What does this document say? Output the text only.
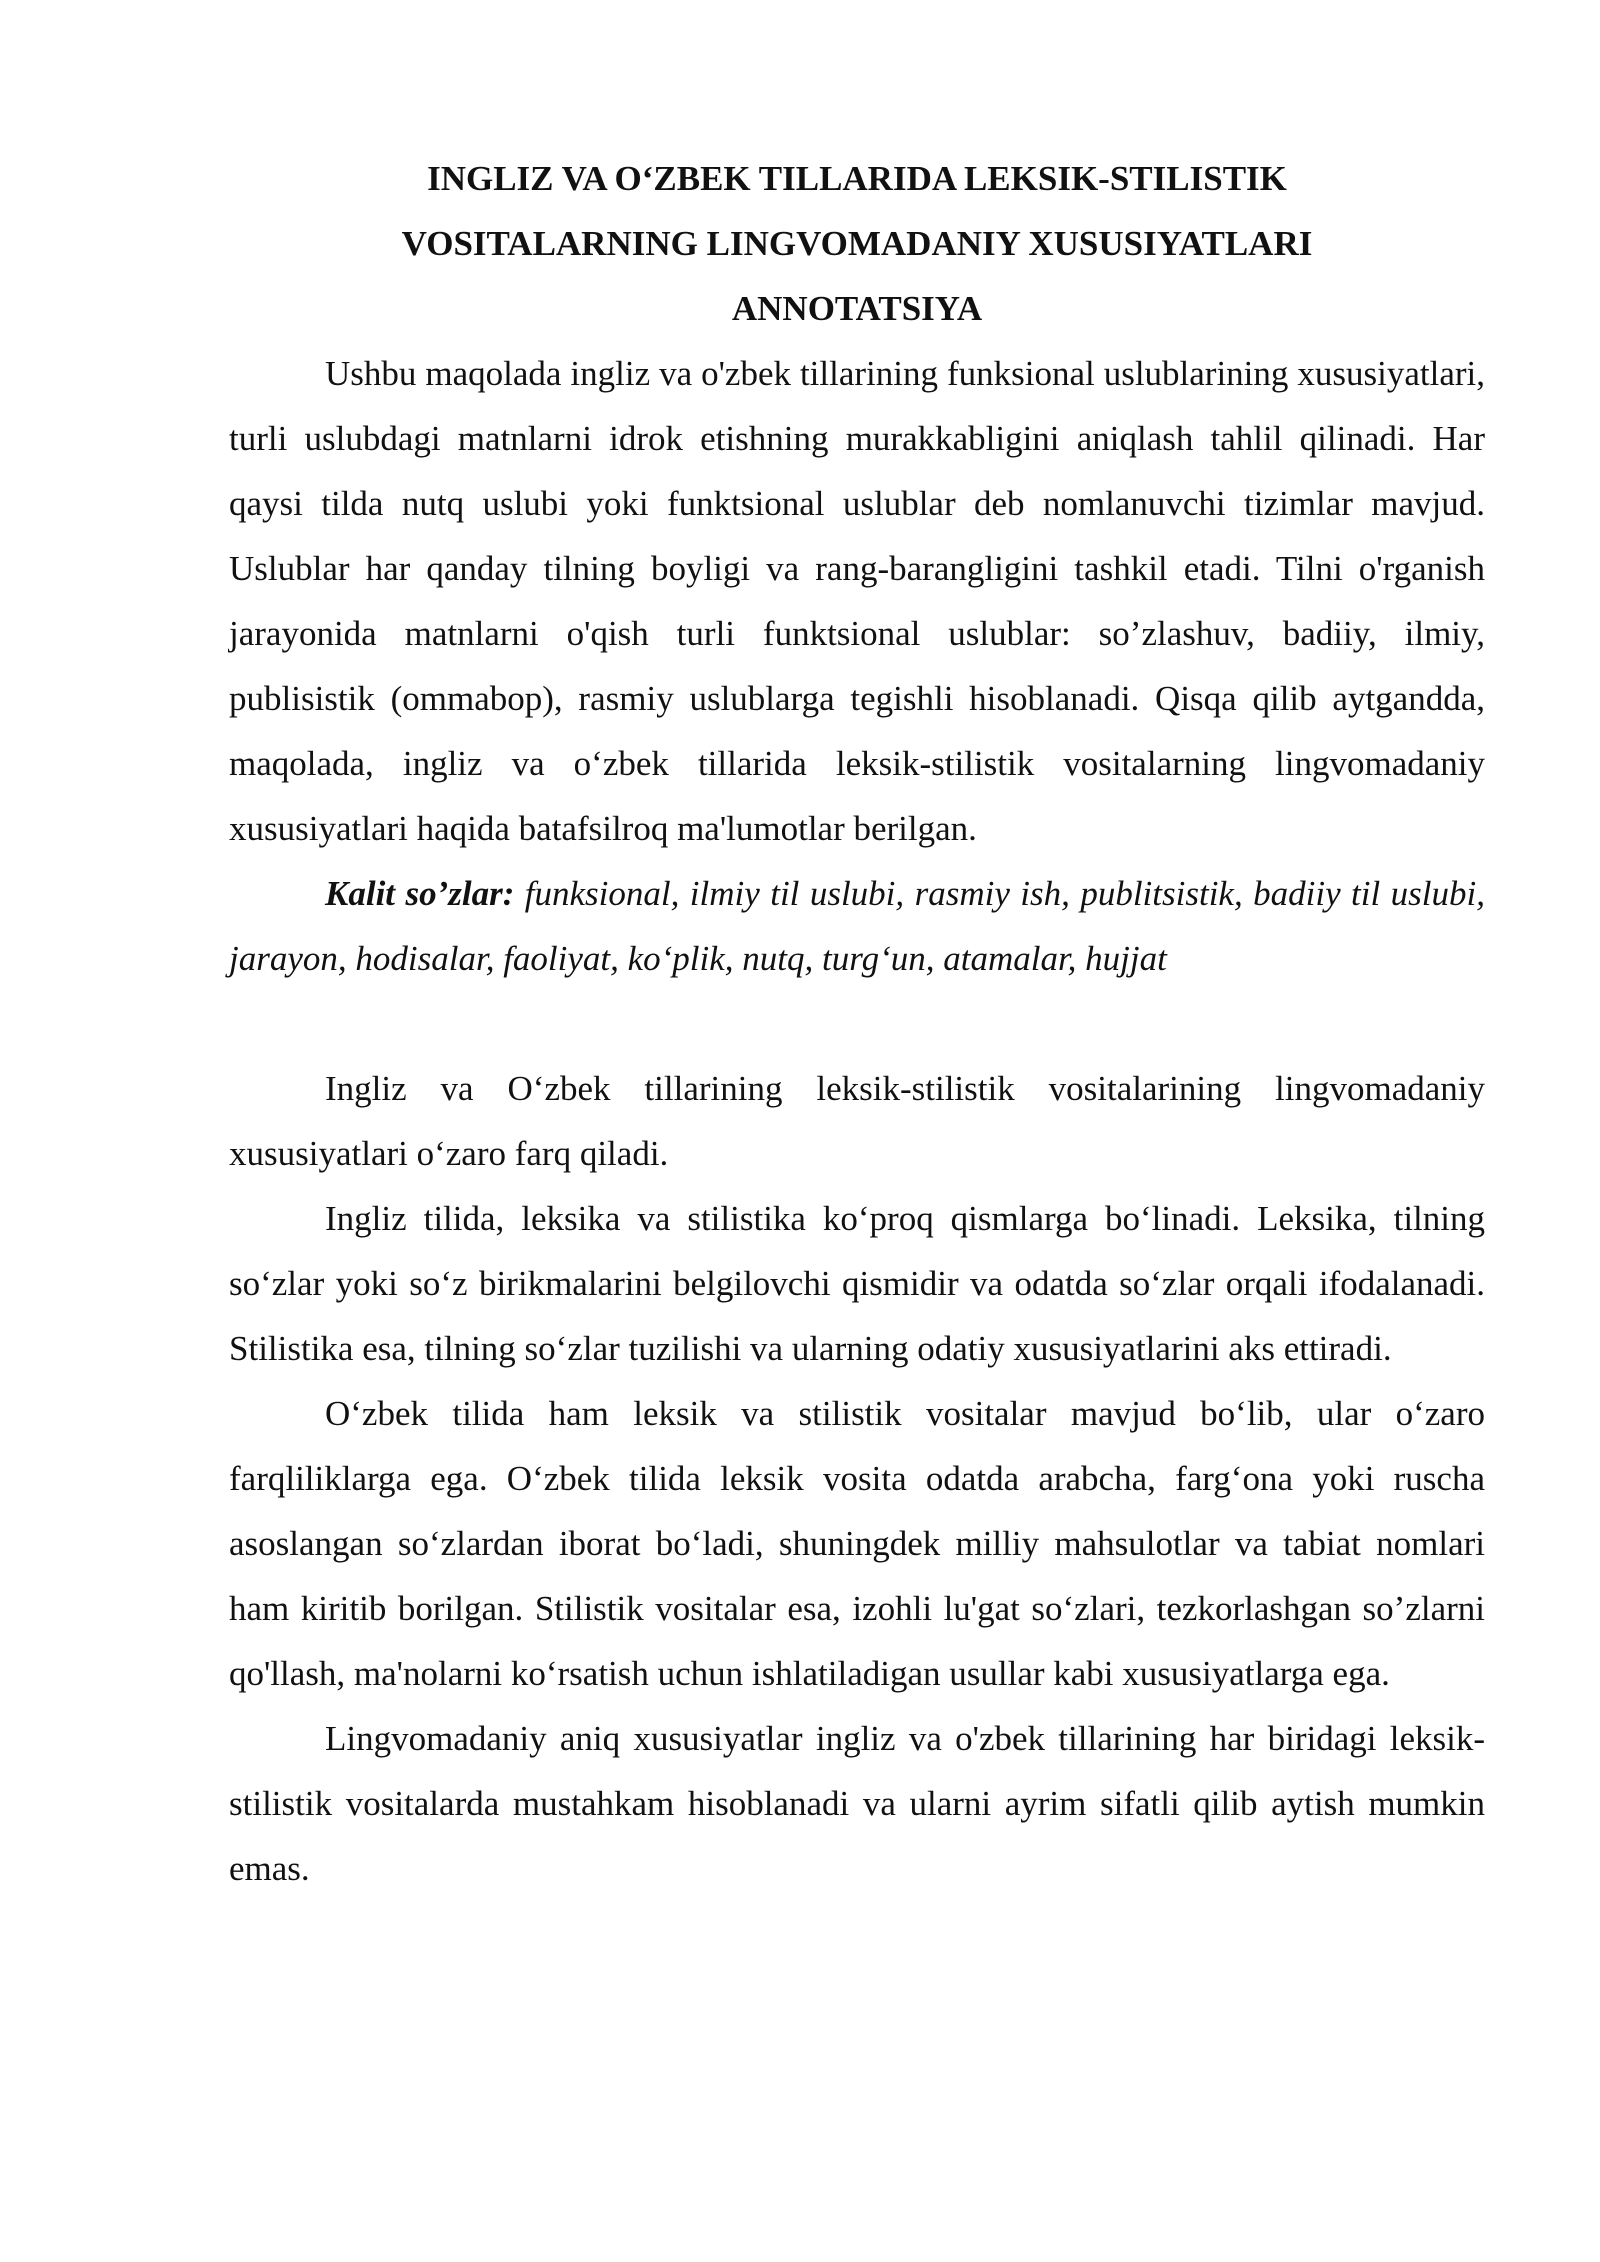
INGLIZ VA O‘ZBEK TILLARIDA LEKSIK-STILISTIK

VOSITALARNING LINGVOMADANIY XUSUSIYATLARI

ANNOTATSIYA

Ushbu maqolada ingliz va o'zbek tillarining funksional uslublarining xususiyatlari, turli uslubdagi matnlarni idrok etishning murakkabligini aniqlash tahlil qilinadi. Har qaysi tilda nutq uslubi yoki funktsional uslublar deb nomlanuvchi tizimlar mavjud. Uslublar har qanday tilning boyligi va rang-barangligini tashkil etadi. Tilni o'rganish jarayonida matnlarni o'qish turli funktsional uslublar: so’zlashuv, badiiy, ilmiy, publisistik (ommabop), rasmiy uslublarga tegishli hisoblanadi. Qisqa qilib aytgandda, maqolada, ingliz va o‘zbek tillarida leksik-stilistik vositalarning lingvomadaniy xususiyatlari haqida batafsilroq ma'lumotlar berilgan.

Kalit so’zlar: funksional, ilmiy til uslubi, rasmiy ish, publitsistik, badiiy til uslubi, jarayon, hodisalar, faoliyat, ko‘plik, nutq, turg‘un, atamalar, hujjat

Ingliz va O‘zbek tillarining leksik-stilistik vositalarining lingvomadaniy xususiyatlari o‘zaro farq qiladi.

Ingliz tilida, leksika va stilistika ko‘proq qismlarga bo‘linadi. Leksika, tilning so‘zlar yoki so‘z birikmalarini belgilovchi qismidir va odatda so‘zlar orqali ifodalanadi. Stilistika esa, tilning so‘zlar tuzilishi va ularning odatiy xususiyatlarini aks ettiradi.

O‘zbek tilida ham leksik va stilistik vositalar mavjud bo‘lib, ular o‘zaro farqliliklarga ega. O‘zbek tilida leksik vosita odatda arabcha, farg‘ona yoki ruscha asoslangan so‘zlardan iborat bo‘ladi, shuningdek milliy mahsulotlar va tabiat nomlari ham kiritib borilgan. Stilistik vositalar esa, izohli lu'gat so‘zlari, tezkorlashgan so’zlarni qo'llash, ma'nolarni ko‘rsatish uchun ishlatiladigan usullar kabi xususiyatlarga ega.

Lingvomadaniy aniq xususiyatlar ingliz va o'zbek tillarining har biridagi leksik-stilistik vositalarda mustahkam hisoblanadi va ularni ayrim sifatli qilib aytish mumkin emas.
